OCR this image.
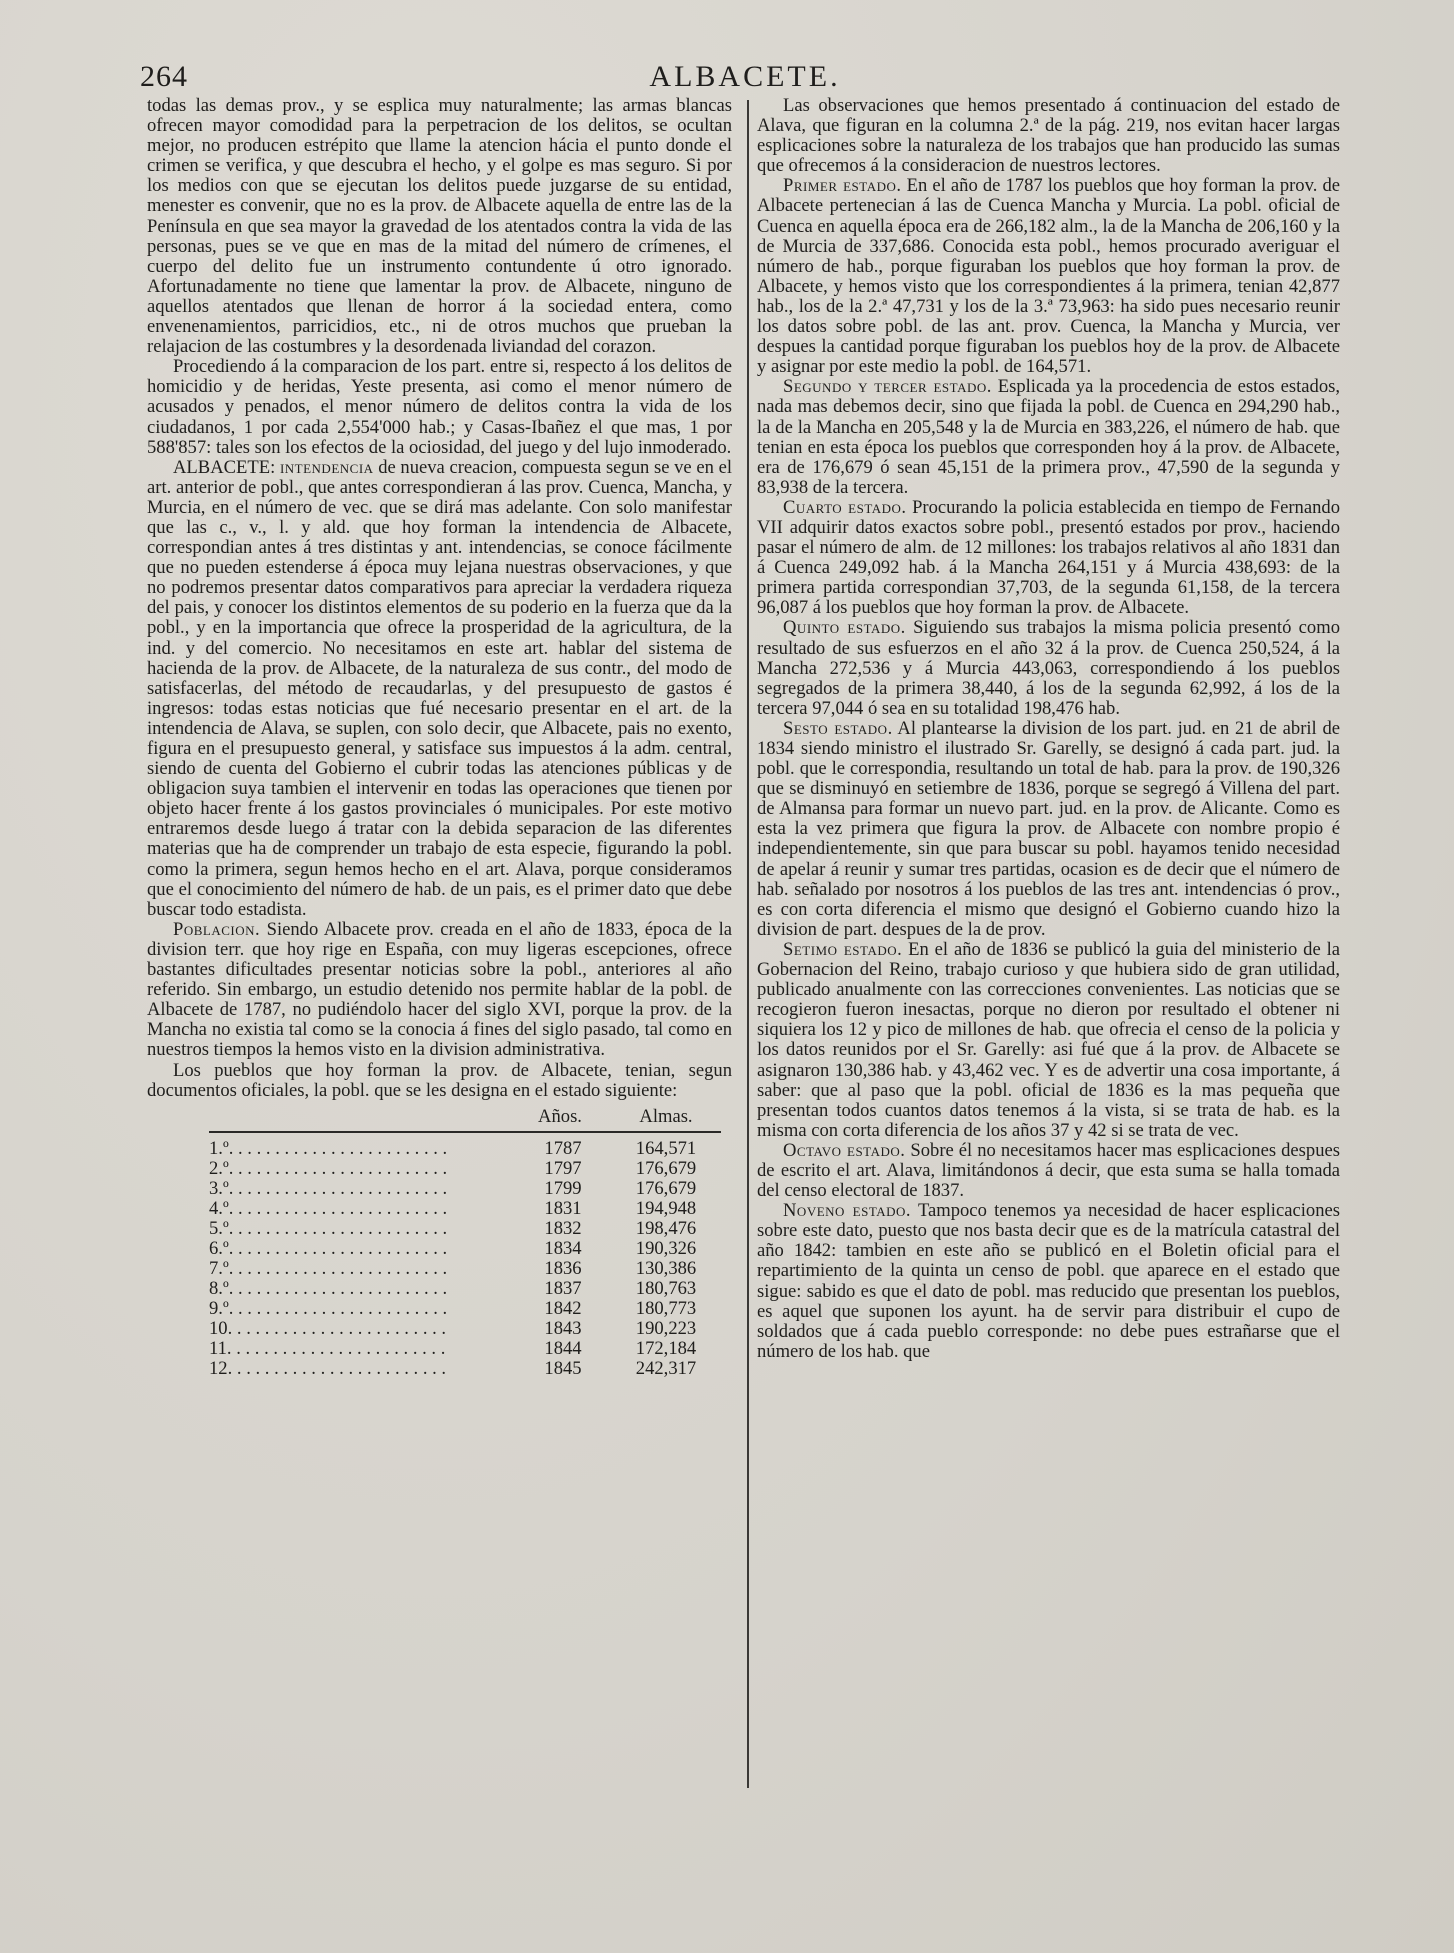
264	ALBACETE.

todas las demas prov., y se esplica muy naturalmente; las armas blancas ofrecen mayor comodidad para la perpetracion de los delitos, se ocultan mejor, no producen estrépito que llame la atencion hácia el punto donde el crimen se verifica, y que descubra el hecho, y el golpe es mas seguro. Si por los medios con que se ejecutan los delitos puede juzgarse de su entidad, menester es convenir, que no es la prov. de Albacete aquella de entre las de la Península en que sea mayor la gravedad de los atentados contra la vida de las personas, pues se ve que en mas de la mitad del número de crímenes, el cuerpo del delito fue un instrumento contundente ú otro ignorado. Afortunadamente no tiene que lamentar la prov. de Albacete, ninguno de aquellos atentados que llenan de horror á la sociedad entera, como envenenamientos, parricidios, etc., ni de otros muchos que prueban la relajacion de las costumbres y la desordenada liviandad del corazon.

Procediendo á la comparacion de los part. entre si, respecto á los delitos de homicidio y de heridas, Yeste presenta, asi como el menor número de acusados y penados, el menor número de delitos contra la vida de los ciudadanos, 1 por cada 2,554'000 hab.; y Casas-Ibañez el que mas, 1 por 588'857: tales son los efectos de la ociosidad, del juego y del lujo inmoderado.

ALBACETE: intendencia de nueva creacion, compuesta segun se ve en el art. anterior de pobl., que antes correspondieran á las prov. Cuenca, Mancha, y Murcia, en el número de vec. que se dirá mas adelante. Con solo manifestar que las c., v., l. y ald. que hoy forman la intendencia de Albacete, correspondian antes á tres distintas y ant. intendencias, se conoce fácilmente que no pueden estenderse á época muy lejana nuestras observaciones, y que no podremos presentar datos comparativos para apreciar la verdadera riqueza del pais, y conocer los distintos elementos de su poderio en la fuerza que da la pobl., y en la importancia que ofrece la prosperidad de la agricultura, de la ind. y del comercio. No necesitamos en este art. hablar del sistema de hacienda de la prov. de Albacete, de la naturaleza de sus contr., del modo de satisfacerlas, del método de recaudarlas, y del presupuesto de gastos é ingresos: todas estas noticias que fué necesario presentar en el art. de la intendencia de Alava, se suplen, con solo decir, que Albacete, pais no exento, figura en el presupuesto general, y satisface sus impuestos á la adm. central, siendo de cuenta del Gobierno el cubrir todas las atenciones públicas y de obligacion suya tambien el intervenir en todas las operaciones que tienen por objeto hacer frente á los gastos provinciales ó municipales. Por este motivo entraremos desde luego á tratar con la debida separacion de las diferentes materias que ha de comprender un trabajo de esta especie, figurando la pobl. como la primera, segun hemos hecho en el art. Alava, porque consideramos que el conocimiento del número de hab. de un pais, es el primer dato que debe buscar todo estadista.

Poblacion. Siendo Albacete prov. creada en el año de 1833, época de la division terr. que hoy rige en España, con muy ligeras escepciones, ofrece bastantes dificultades presentar noticias sobre la pobl., anteriores al año referido. Sin embargo, un estudio detenido nos permite hablar de la pobl. de Albacete de 1787, no pudiéndolo hacer del siglo XVI, porque la prov. de la Mancha no existia tal como se la conocia á fines del siglo pasado, tal como en nuestros tiempos la hemos visto en la division administrativa.

Los pueblos que hoy forman la prov. de Albacete, tenian, segun documentos oficiales, la pobl. que se les designa en el estado siguiente:

	Años.	Almas.
1.º. . . . . . . . . . . . . . . . . . . . . . . .	1787	164,571
2.º. . . . . . . . . . . . . . . . . . . . . . . .	1797	176,679
3.º. . . . . . . . . . . . . . . . . . . . . . . .	1799	176,679
4.º. . . . . . . . . . . . . . . . . . . . . . . .	1831	194,948
5.º. . . . . . . . . . . . . . . . . . . . . . . .	1832	198,476
6.º. . . . . . . . . . . . . . . . . . . . . . . .	1834	190,326
7.º. . . . . . . . . . . . . . . . . . . . . . . .	1836	130,386
8.º. . . . . . . . . . . . . . . . . . . . . . . .	1837	180,763
9.º. . . . . . . . . . . . . . . . . . . . . . . .	1842	180,773
10. . . . . . . . . . . . . . . . . . . . . . . .	1843	190,223
11. . . . . . . . . . . . . . . . . . . . . . . .	1844	172,184
12. . . . . . . . . . . . . . . . . . . . . . . .	1845	242,317

Las observaciones que hemos presentado á continuacion del estado de Alava, que figuran en la columna 2.ª de la pág. 219, nos evitan hacer largas esplicaciones sobre la naturaleza de los trabajos que han producido las sumas que ofrecemos á la consideracion de nuestros lectores.

Primer estado. En el año de 1787 los pueblos que hoy forman la prov. de Albacete pertenecian á las de Cuenca Mancha y Murcia. La pobl. oficial de Cuenca en aquella época era de 266,182 alm., la de la Mancha de 206,160 y la de Murcia de 337,686. Conocida esta pobl., hemos procurado averiguar el número de hab., porque figuraban los pueblos que hoy forman la prov. de Albacete, y hemos visto que los correspondientes á la primera, tenian 42,877 hab., los de la 2.ª 47,731 y los de la 3.ª 73,963: ha sido pues necesario reunir los datos sobre pobl. de las ant. prov. Cuenca, la Mancha y Murcia, ver despues la cantidad porque figuraban los pueblos hoy de la prov. de Albacete y asignar por este medio la pobl. de 164,571.

Segundo y tercer estado. Esplicada ya la procedencia de estos estados, nada mas debemos decir, sino que fijada la pobl. de Cuenca en 294,290 hab., la de la Mancha en 205,548 y la de Murcia en 383,226, el número de hab. que tenian en esta época los pueblos que corresponden hoy á la prov. de Albacete, era de 176,679 ó sean 45,151 de la primera prov., 47,590 de la segunda y 83,938 de la tercera.

Cuarto estado. Procurando la policia establecida en tiempo de Fernando VII adquirir datos exactos sobre pobl., presentó estados por prov., haciendo pasar el número de alm. de 12 millones: los trabajos relativos al año 1831 dan á Cuenca 249,092 hab. á la Mancha 264,151 y á Murcia 438,693: de la primera partida correspondian 37,703, de la segunda 61,158, de la tercera 96,087 á los pueblos que hoy forman la prov. de Albacete.

Quinto estado. Siguiendo sus trabajos la misma policia presentó como resultado de sus esfuerzos en el año 32 á la prov. de Cuenca 250,524, á la Mancha 272,536 y á Murcia 443,063, correspondiendo á los pueblos segregados de la primera 38,440, á los de la segunda 62,992, á los de la tercera 97,044 ó sea en su totalidad 198,476 hab.

Sesto estado. Al plantearse la division de los part. jud. en 21 de abril de 1834 siendo ministro el ilustrado Sr. Garelly, se designó á cada part. jud. la pobl. que le correspondia, resultando un total de hab. para la prov. de 190,326 que se disminuyó en setiembre de 1836, porque se segregó á Villena del part. de Almansa para formar un nuevo part. jud. en la prov. de Alicante. Como es esta la vez primera que figura la prov. de Albacete con nombre propio é independientemente, sin que para buscar su pobl. hayamos tenido necesidad de apelar á reunir y sumar tres partidas, ocasion es de decir que el número de hab. señalado por nosotros á los pueblos de las tres ant. intendencias ó prov., es con corta diferencia el mismo que designó el Gobierno cuando hizo la division de part. despues de la de prov.

Setimo estado. En el año de 1836 se publicó la guia del ministerio de la Gobernacion del Reino, trabajo curioso y que hubiera sido de gran utilidad, publicado anualmente con las correcciones convenientes. Las noticias que se recogieron fueron inesactas, porque no dieron por resultado el obtener ni siquiera los 12 y pico de millones de hab. que ofrecia el censo de la policia y los datos reunidos por el Sr. Garelly: asi fué que á la prov. de Albacete se asignaron 130,386 hab. y 43,462 vec. Y es de advertir una cosa importante, á saber: que al paso que la pobl. oficial de 1836 es la mas pequeña que presentan todos cuantos datos tenemos á la vista, si se trata de hab. es la misma con corta diferencia de los años 37 y 42 si se trata de vec.

Octavo estado. Sobre él no necesitamos hacer mas esplicaciones despues de escrito el art. Alava, limitándonos á decir, que esta suma se halla tomada del censo electoral de 1837.

Noveno estado. Tampoco tenemos ya necesidad de hacer esplicaciones sobre este dato, puesto que nos basta decir que es de la matrícula catastral del año 1842: tambien en este año se publicó en el Boletin oficial para el repartimiento de la quinta un censo de pobl. que aparece en el estado que sigue: sabido es que el dato de pobl. mas reducido que presentan los pueblos, es aquel que suponen los ayunt. ha de servir para distribuir el cupo de soldados que á cada pueblo corresponde: no debe pues estrañarse que el número de los hab. que
